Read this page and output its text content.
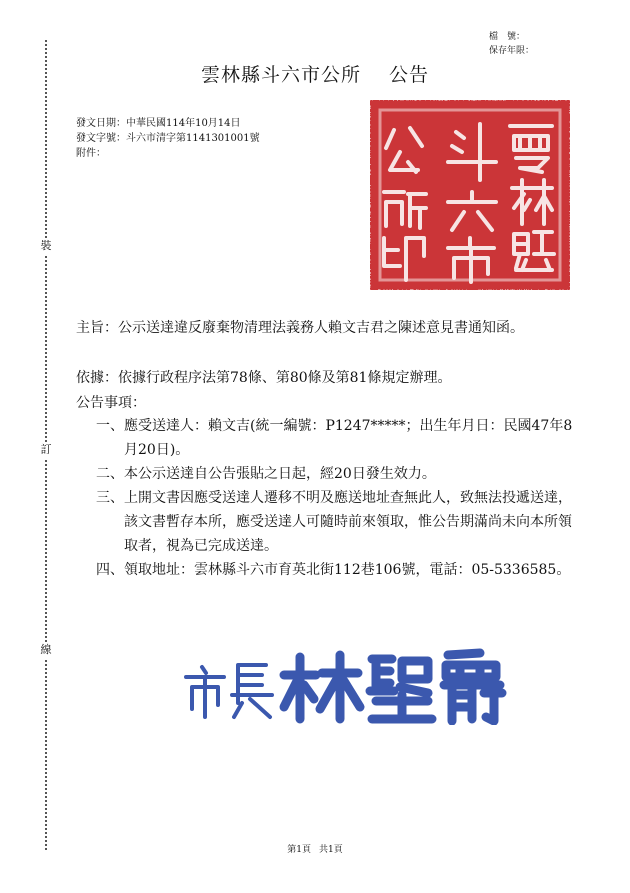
檔　號：
保存年限：
裝
訂
線
雲林縣斗六市公所 公告
發文日期：中華民國114年10月14日
發文字號：斗六市清字第1141301001號
附件：
主旨：公示送達違反廢棄物清理法義務人賴文吉君之陳述意見書通知函。
依據：依據行政程序法第78條、第80條及第81條規定辦理。
公告事項：
一、 應受送達人：賴文吉(統一編號：P1247*****；出生年月日：民國47年8月20日)。
二、 本公示送達自公告張貼之日起，經20日發生效力。
三、 上開文書因應受送達人遷移不明及應送地址查無此人，致無法投遞送達，該文書暫存本所，應受送達人可隨時前來領取，惟公告期滿尚未向本所領取者，視為已完成送達。
四、 領取地址：雲林縣斗六市育英北街112巷106號，電話：05-5336585。
第1頁 共1頁
